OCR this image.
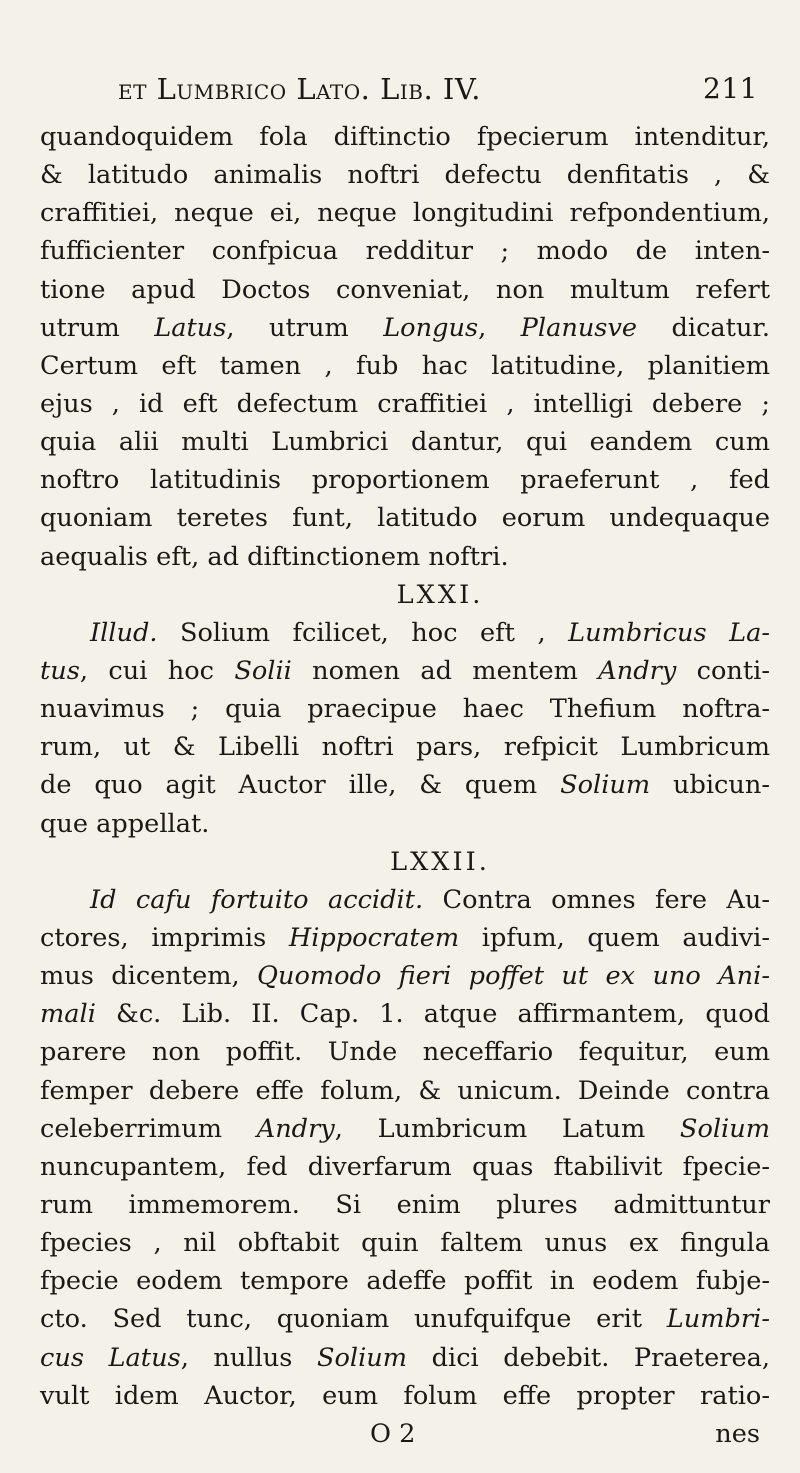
et Lumbrico Lato. Lib. IV.	211
quandoquidem fola diftinctio fpecierum intenditur,
& latitudo animalis noftri defectu denfitatis , &
craffitiei, neque ei, neque longitudini refpondentium,
fufficienter confpicua redditur ; modo de inten-
tione apud Doctos conveniat, non multum refert
utrum Latus, utrum Longus, Planusve dicatur.
Certum eft tamen , fub hac latitudine, planitiem
ejus , id eft defectum craffitiei , intelligi debere ;
quia alii multi Lumbrici dantur, qui eandem cum
noftro latitudinis proportionem praeferunt , fed
quoniam teretes funt, latitudo eorum undequaque
aequalis eft, ad diftinctionem noftri.
LXXI.
Illud. Solium fcilicet, hoc eft , Lumbricus La-
tus, cui hoc Solii nomen ad mentem Andry conti-
nuavimus ; quia praecipue haec Thefium noftra-
rum, ut & Libelli noftri pars, refpicit Lumbricum
de quo agit Auctor ille, & quem Solium ubicun-
que appellat.
LXXII.
Id cafu fortuito accidit. Contra omnes fere Au-
ctores, imprimis Hippocratem ipfum, quem audivi-
mus dicentem, Quomodo fieri poffet ut ex uno Ani-
mali &c. Lib. II. Cap. 1. atque affirmantem, quod
parere non poffit. Unde neceffario fequitur, eum
femper debere effe folum, & unicum. Deinde contra
celeberrimum Andry, Lumbricum Latum Solium
nuncupantem, fed diverfarum quas ftabilivit fpecie-
rum immemorem. Si enim plures admittuntur
fpecies , nil obftabit quin faltem unus ex fingula
fpecie eodem tempore adeffe poffit in eodem fubje-
cto. Sed tunc, quoniam unufquifque erit Lumbri-
cus Latus, nullus Solium dici debebit. Praeterea,
vult idem Auctor, eum folum effe propter ratio-
O 2	nes
